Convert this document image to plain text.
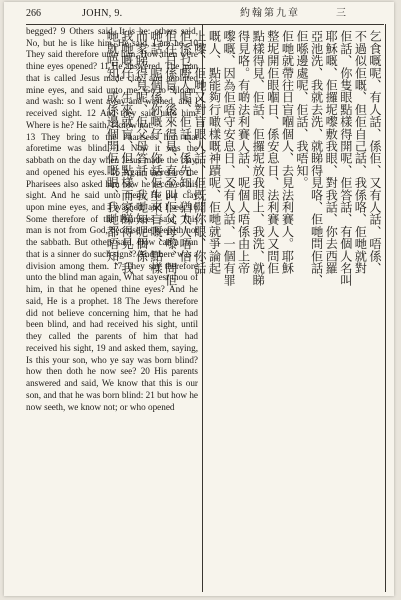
266	JOHN, 9.	約翰第九章	三

begged? 9 Others said, It is he: others said, No, but he is like him. He said, I am he. 10 They said therefore unto him, How then were thine eyes opened? 11 He answered, The man that is called Jesus made clay, and anointed mine eyes, and said unto me, Go to Siloam, and wash: so I went away and washed, and I received sight. 12 And they said unto him, Where is he? He saith, I know not.

13 They bring to the Pharisees him that aforetime was blind. 14 Now it was the sabbath on the day when Jesus made the clay, and opened his eyes. 15 Again therefore the Pharisees also asked him how he received his sight. And he said unto them, He put clay upon mine eyes, and I washed, and I see. 16 Some therefore of the Pharisees said, This man is not from God, because he keepeth not the sabbath. But others said, How can a man that is a sinner do such signs? And there was a division among them. 17 They say therefore unto the blind man again, What sayest thou of him, in that he opened thine eyes? And he said, He is a prophet. 18 The Jews therefore did not believe concerning him, that he had been blind, and had received his sight, until they called the parents of him that had received his sight, 19 and asked them, saying, Is this your son, who ye say was born blind? how then doth he now see? 20 His parents answered and said, We know that this is our son, and that he was born blind: 21 but how he now seeth, we know not; or who opened

乞食嘅呢、有人話、係佢、又有人話、唔係、
不過似佢嘅、但佢自己話、我係咯、佢哋就對
佢話、你隻眼點樣得開呢、佢答話、有個人名叫
耶穌嘅、佢攞坭嚟敷我眼、對我話、你去西羅
亞池洗、我就去洗、就睇得見咯、佢哋問佢話、
佢喺邊處呢、佢話、我唔知。
佢哋就帶往日盲嗰個人、去見法利賽人。耶穌
整坭開佢眼嗰日、係安息日、法利賽人又問佢
點樣得見、佢話、佢攞坭放我眼上、我洗、就睇
得見咯。有啲法利賽人話、呢個人唔係由上帝
嚟嘅、因為佢唔守安息日、又有人話、一個有罪
嘅人、點能夠行噉樣嘅神蹟呢、佢哋就爭論起
上嚟、佢哋又對盲眼人話、佢既開你眼、你話
佢係乜嘢人呢、佢話、係先知。猶太人唔信
佢往日係盲、後來得見、直至叫佢父母嚟、問佢
哋話、呢個係你嘅仔、你話佢生來盲嘅、點樣
而家睇得見呢、佢父母答話、我哋知呢個係
我哋嘅仔、生來就盲、但點樣而家睇得見、我
哋就唔知、或係邊個開佢嘅眼、我哋都唔知、
